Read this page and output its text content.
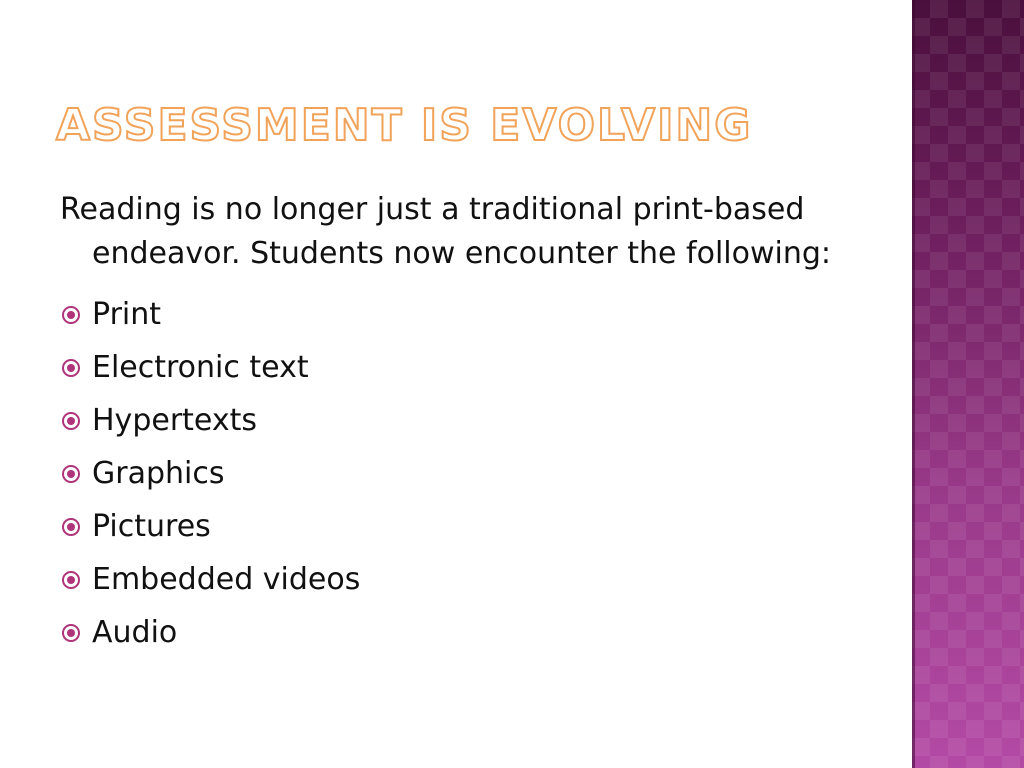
ASSESSMENT IS EVOLVING

Reading is no longer just a traditional print-based endeavor. Students now encounter the following:

Print
Electronic text
Hypertexts
Graphics
Pictures
Embedded videos
Audio
